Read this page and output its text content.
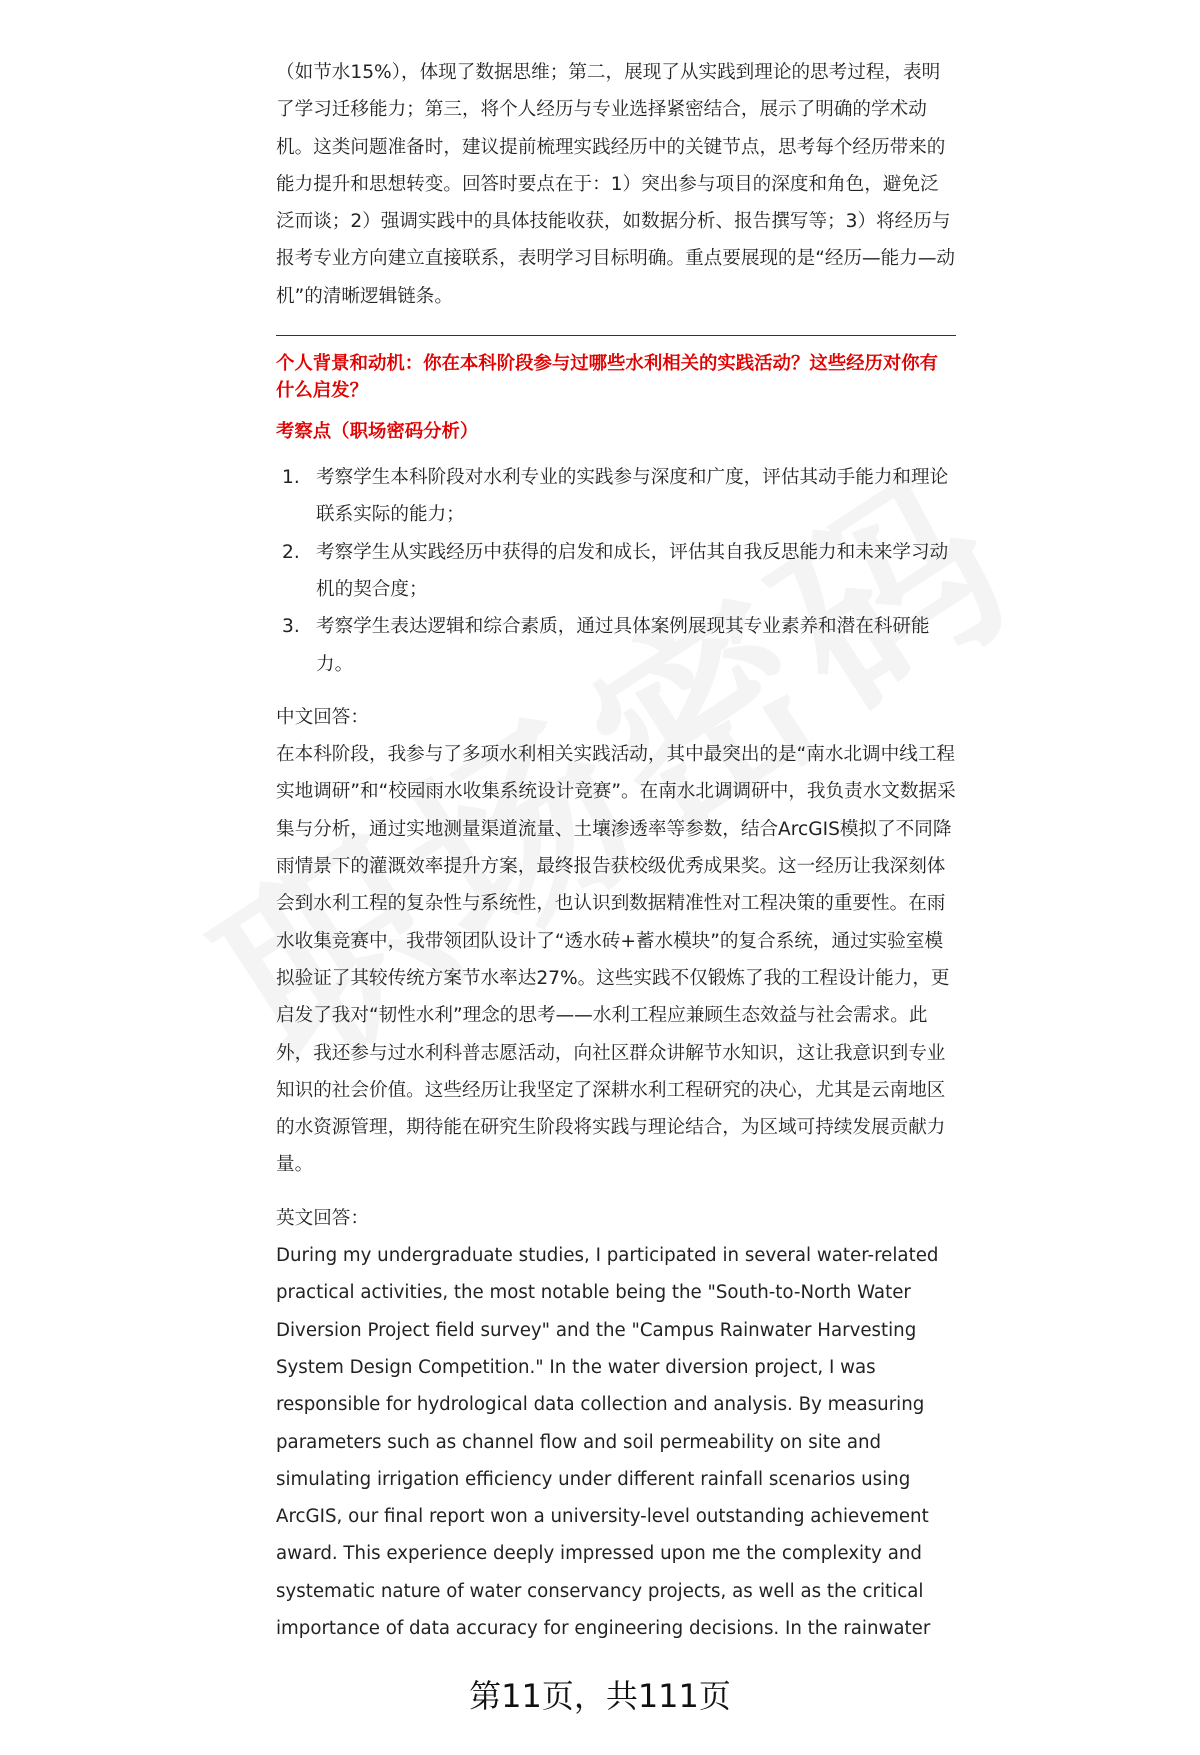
（如节水15%），体现了数据思维；第二，展现了从实践到理论的思考过程，表明了学习迁移能力；第三，将个人经历与专业选择紧密结合，展示了明确的学术动机。这类问题准备时，建议提前梳理实践经历中的关键节点，思考每个经历带来的能力提升和思想转变。回答时要点在于：1）突出参与项目的深度和角色，避免泛泛而谈；2）强调实践中的具体技能收获，如数据分析、报告撰写等；3）将经历与报考专业方向建立直接联系，表明学习目标明确。重点要展现的是“经历—能力—动机”的清晰逻辑链条。

个人背景和动机：你在本科阶段参与过哪些水利相关的实践活动？这些经历对你有什么启发？

考察点（职场密码分析）

1. 考察学生本科阶段对水利专业的实践参与深度和广度，评估其动手能力和理论联系实际的能力；
2. 考察学生从实践经历中获得的启发和成长，评估其自我反思能力和未来学习动机的契合度；
3. 考察学生表达逻辑和综合素质，通过具体案例展现其专业素养和潜在科研能力。

中文回答：

在本科阶段，我参与了多项水利相关实践活动，其中最突出的是“南水北调中线工程实地调研”和“校园雨水收集系统设计竞赛”。在南水北调调研中，我负责水文数据采集与分析，通过实地测量渠道流量、土壤渗透率等参数，结合ArcGIS模拟了不同降雨情景下的灌溉效率提升方案，最终报告获校级优秀成果奖。这一经历让我深刻体会到水利工程的复杂性与系统性，也认识到数据精准性对工程决策的重要性。在雨水收集竞赛中，我带领团队设计了“透水砖+蓄水模块”的复合系统，通过实验室模拟验证了其较传统方案节水率达27%。这些实践不仅锻炼了我的工程设计能力，更启发了我对“韧性水利”理念的思考——水利工程应兼顾生态效益与社会需求。此外，我还参与过水利科普志愿活动，向社区群众讲解节水知识，这让我意识到专业知识的社会价值。这些经历让我坚定了深耕水利工程研究的决心，尤其是云南地区的水资源管理，期待能在研究生阶段将实践与理论结合，为区域可持续发展贡献力量。

英文回答：

During my undergraduate studies, I participated in several water-related practical activities, the most notable being the "South-to-North Water Diversion Project field survey" and the "Campus Rainwater Harvesting System Design Competition." In the water diversion project, I was responsible for hydrological data collection and analysis. By measuring parameters such as channel flow and soil permeability on site and simulating irrigation efficiency under different rainfall scenarios using ArcGIS, our final report won a university-level outstanding achievement award. This experience deeply impressed upon me the complexity and systematic nature of water conservancy projects, as well as the critical importance of data accuracy for engineering decisions. In the rainwater

第11页，共111页
